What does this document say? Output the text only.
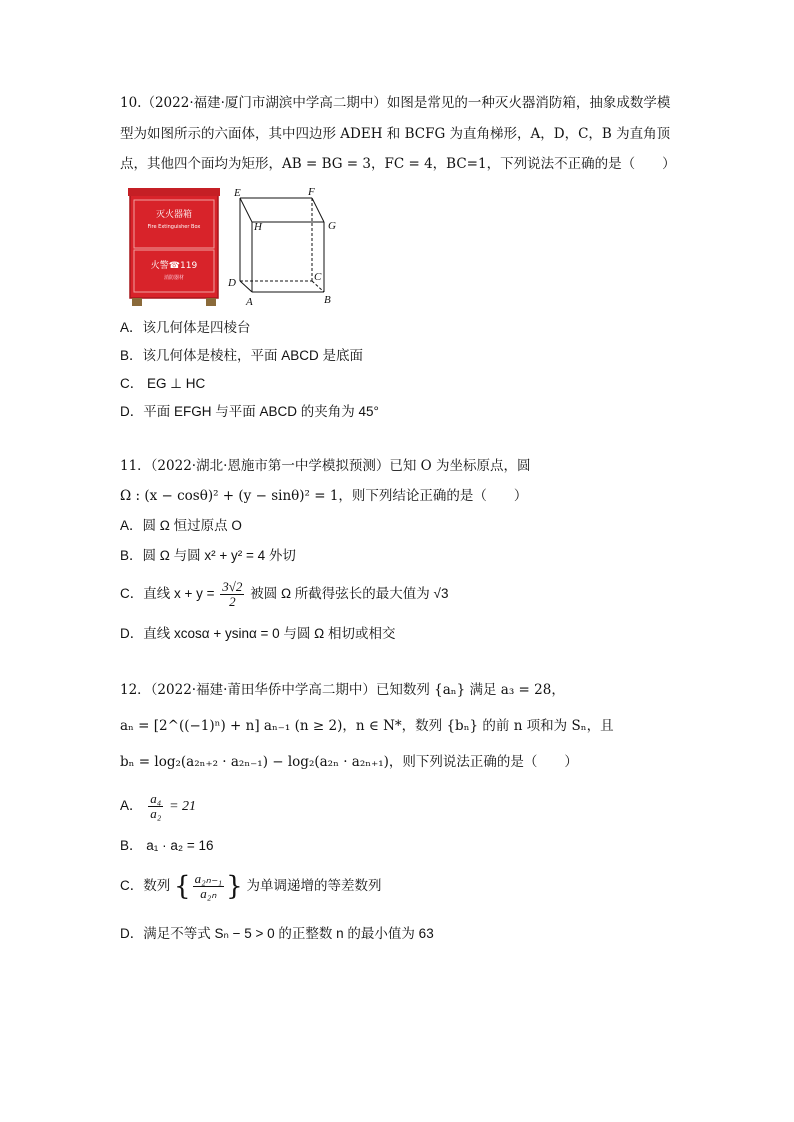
10.（2022·福建·厦门市湖滨中学高二期中）如图是常见的一种灭火器消防箱，抽象成数学模
型为如图所示的六面体，其中四边形 ADEH 和 BCFG 为直角梯形，A，D，C，B 为直角顶
点，其他四个面均为矩形，AB = BG = 3，FC = 4，BC=1，下列说法不正确的是（　　）
灭火器箱
Fire Extinguisher Box
火警☎119
消防器材
E	F
H	G
D	C
A	B
A．该几何体是四棱台
B．该几何体是棱柱，平面 ABCD 是底面
C． EG ⊥ HC
D．平面 EFGH 与平面 ABCD 的夹角为 45°
11．（2022·湖北·恩施市第一中学模拟预测）已知 O 为坐标原点，圆
Ω : (x − cosθ)² + (y − sinθ)² = 1，则下列结论正确的是（　　）
A．圆 Ω 恒过原点 O
B．圆 Ω 与圆 x² + y² = 4 外切
C．直线 $x + y = \frac{3√2}{2}$ 被圆 Ω 所截得弦长的最大值为 √3
D．直线 xcosα + ysinα = 0 与圆 Ω 相切或相交
12．（2022·福建·莆田华侨中学高二期中）已知数列 {aₙ} 满足 a₃ = 28，
aₙ = [2^((−1)ⁿ) + n] aₙ₋₁ (n ≥ 2)，n ∈ N*，数列 {bₙ} 的前 n 项和为 Sₙ，且
bₙ = log₂(a₂ₙ₊₂ · a₂ₙ₋₁) − log₂(a₂ₙ · a₂ₙ₊₁)，则下列说法正确的是（　　）
A． $\frac{\text{a₄}}{\text{a₂}} = 21$
B． a₁ · a₂ = 16
C．数列 { $\frac{\text{a₂ₙ₋₁}}{\text{a₂ₙ}}$ } 为单调递增的等差数列
D．满足不等式 Sₙ − 5 > 0 的正整数 n 的最小值为 63
